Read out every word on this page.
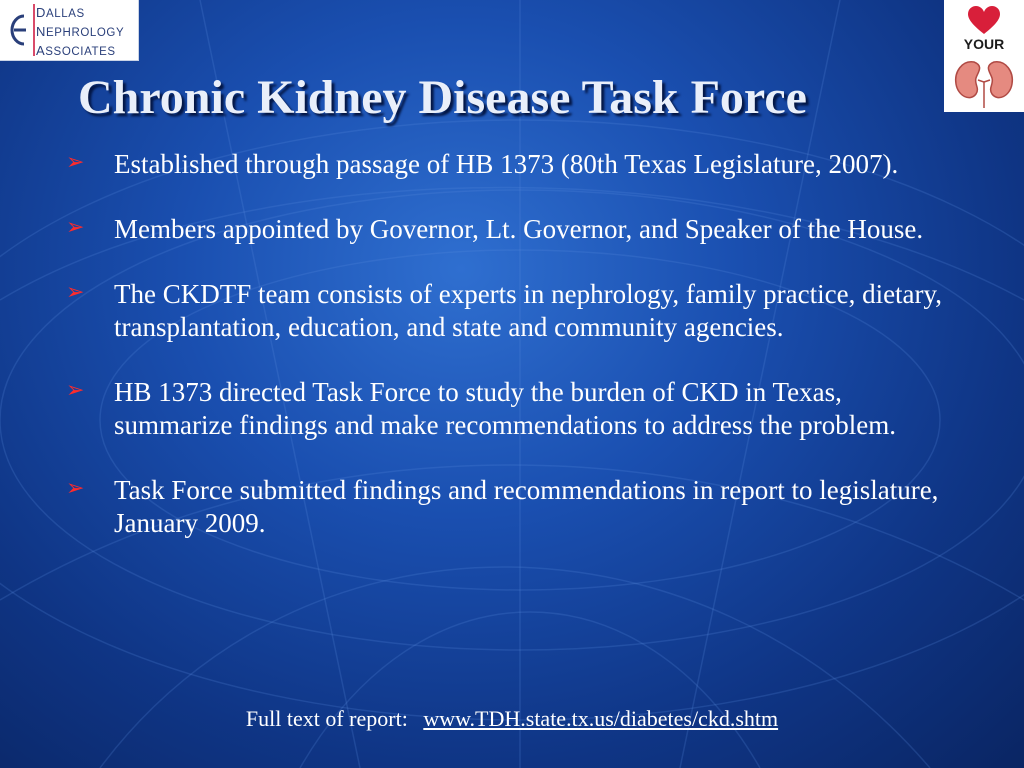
DALLAS
NEPHROLOGY
ASSOCIATES	YOUR
Chronic Kidney Disease Task Force
➢ Established through passage of HB 1373 (80th Texas Legislature, 2007).
➢ Members appointed by Governor, Lt. Governor, and Speaker of the House.
➢ The CKDTF team consists of experts in nephrology, family practice, dietary, transplantation, education, and state and community agencies.
➢ HB 1373 directed Task Force to study the burden of CKD in Texas, summarize findings and make recommendations to address the problem.
➢ Task Force submitted findings and recommendations in report to legislature, January 2009.
Full text of report: www.TDH.state.tx.us/diabetes/ckd.shtm
